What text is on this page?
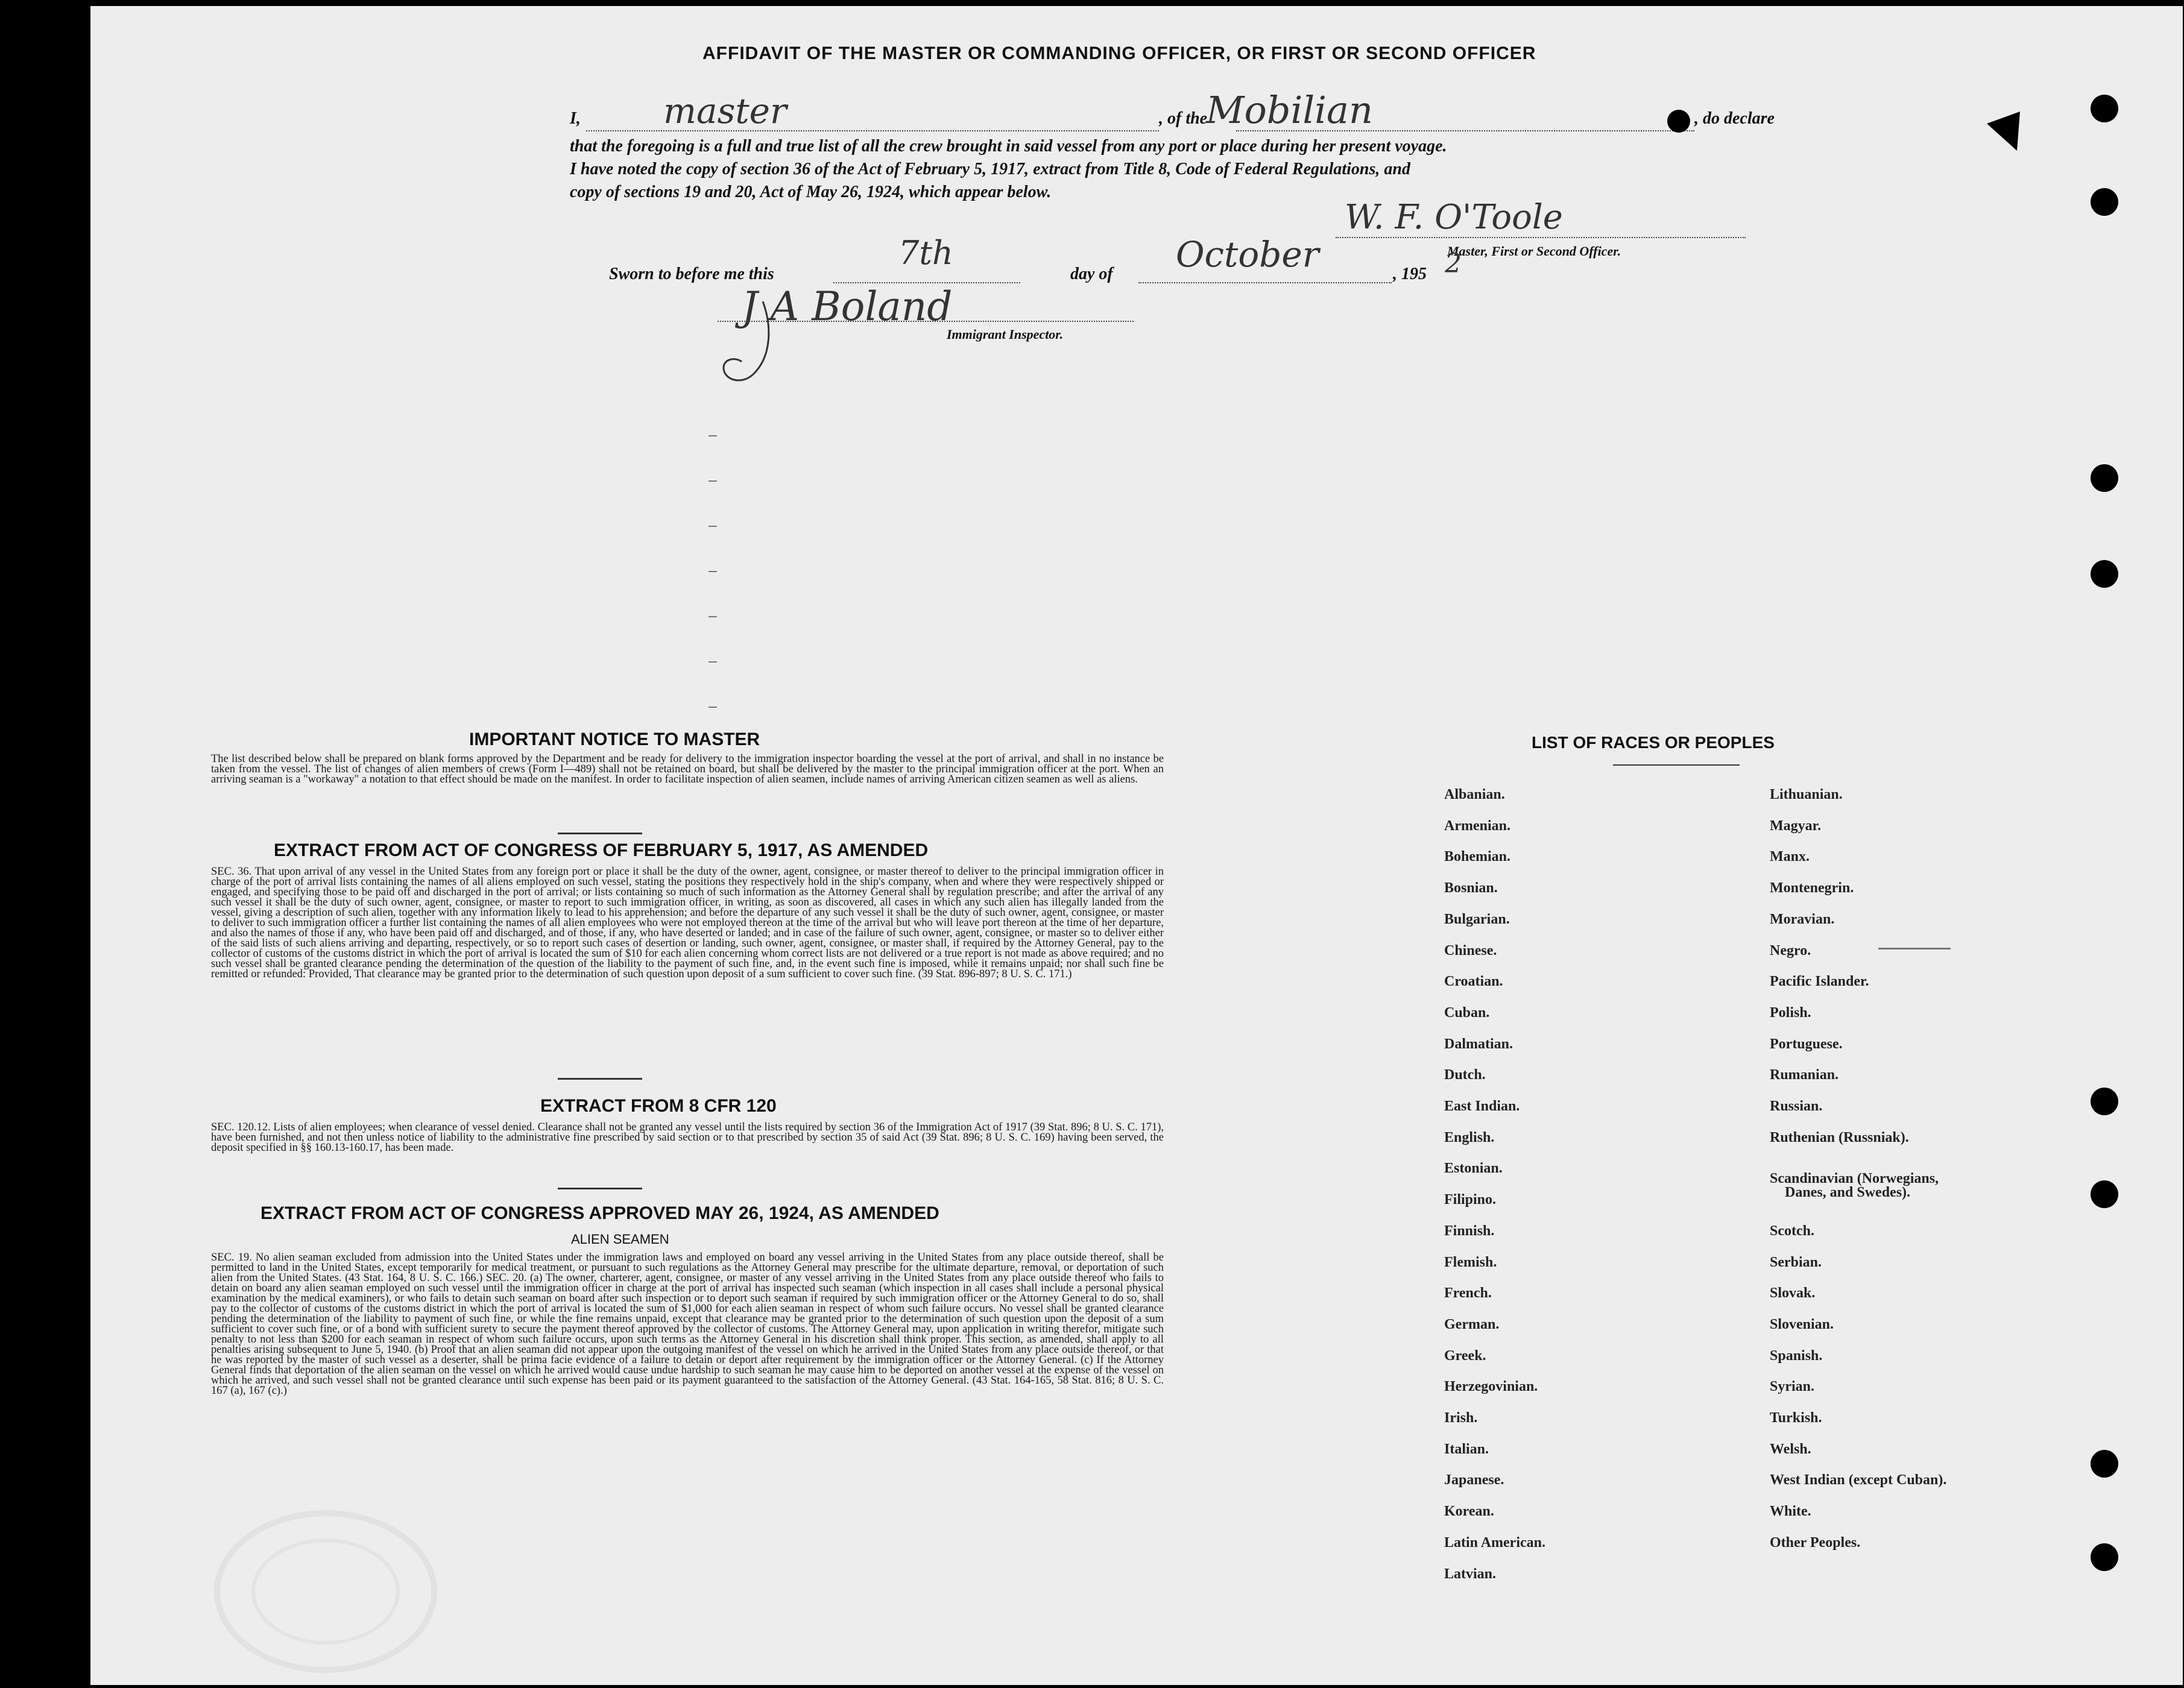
AFFIDAVIT OF THE MASTER OR COMMANDING OFFICER, OR FIRST OR SECOND OFFICER
I, master	, of the
Mobilian	, do declare
that the foregoing is a full and true list of all the crew brought in said vessel from any port or place during her present voyage.
I have noted the copy of section 36 of the Act of February 5, 1917, extract from Title 8, Code of Federal Regulations, and
copy of sections 19 and 20, Act of May 26, 1924, which appear below.
W. F. O'Toole
Master, First or Second Officer.
Sworn to before me this
7th
day of October	, 195 2
J A Boland
Immigrant Inspector.
IMPORTANT NOTICE TO MASTER
The list described below shall be prepared on blank forms approved by the Department and be ready for delivery to the immigration inspector boarding the vessel at the port of arrival, and shall in no instance be taken from the vessel. The list of changes of alien members of crews (Form I—489) shall not be retained on board, but shall be delivered by the master to the principal immigration officer at the port. When an arriving seaman is a "workaway" a notation to that effect should be made on the manifest. In order to facilitate inspection of alien seamen, include names of arriving American citizen seamen as well as aliens.
EXTRACT FROM ACT OF CONGRESS OF FEBRUARY 5, 1917, AS AMENDED
SEC. 36. That upon arrival of any vessel in the United States from any foreign port or place it shall be the duty of the owner, agent, consignee, or master thereof to deliver to the principal immigration officer in charge of the port of arrival lists containing the names of all aliens employed on such vessel, stating the positions they respectively hold in the ship's company, when and where they were respectively shipped or engaged, and specifying those to be paid off and discharged in the port of arrival; or lists containing so much of such information as the Attorney General shall by regulation prescribe; and after the arrival of any such vessel it shall be the duty of such owner, agent, consignee, or master to report to such immigration officer, in writing, as soon as discovered, all cases in which any such alien has illegally landed from the vessel, giving a description of such alien, together with any information likely to lead to his apprehension; and before the departure of any such vessel it shall be the duty of such owner, agent, consignee, or master to deliver to such immigration officer a further list containing the names of all alien employees who were not employed thereon at the time of the arrival but who will leave port thereon at the time of her departure, and also the names of those if any, who have been paid off and discharged, and of those, if any, who have deserted or landed; and in case of the failure of such owner, agent, consignee, or master so to deliver either of the said lists of such aliens arriving and departing, respectively, or so to report such cases of desertion or landing, such owner, agent, consignee, or master shall, if required by the Attorney General, pay to the collector of customs of the customs district in which the port of arrival is located the sum of $10 for each alien concerning whom correct lists are not delivered or a true report is not made as above required; and no such vessel shall be granted clearance pending the determination of the question of the liability to the payment of such fine, and, in the event such fine is imposed, while it remains unpaid; nor shall such fine be remitted or refunded: Provided, That clearance may be granted prior to the determination of such question upon deposit of a sum sufficient to cover such fine. (39 Stat. 896-897; 8 U. S. C. 171.)
EXTRACT FROM 8 CFR 120
SEC. 120.12. Lists of alien employees; when clearance of vessel denied. Clearance shall not be granted any vessel until the lists required by section 36 of the Immigration Act of 1917 (39 Stat. 896; 8 U. S. C. 171), have been furnished, and not then unless notice of liability to the administrative fine prescribed by said section or to that prescribed by section 35 of said Act (39 Stat. 896; 8 U. S. C. 169) having been served, the deposit specified in §§ 160.13-160.17, has been made.
EXTRACT FROM ACT OF CONGRESS APPROVED MAY 26, 1924, AS AMENDED
ALIEN SEAMEN
SEC. 19. No alien seaman excluded from admission into the United States under the immigration laws and employed on board any vessel arriving in the United States from any place outside thereof, shall be permitted to land in the United States, except temporarily for medical treatment, or pursuant to such regulations as the Attorney General may prescribe for the ultimate departure, removal, or deportation of such alien from the United States. (43 Stat. 164, 8 U. S. C. 166.) SEC. 20. (a) The owner, charterer, agent, consignee, or master of any vessel arriving in the United States from any place outside thereof who fails to detain on board any alien seaman employed on such vessel until the immigration officer in charge at the port of arrival has inspected such seaman (which inspection in all cases shall include a personal physical examination by the medical examiners), or who fails to detain such seaman on board after such inspection or to deport such seaman if required by such immigration officer or the Attorney General to do so, shall pay to the collector of customs of the customs district in which the port of arrival is located the sum of $1,000 for each alien seaman in respect of whom such failure occurs. No vessel shall be granted clearance pending the determination of the liability to payment of such fine, or while the fine remains unpaid, except that clearance may be granted prior to the determination of such question upon the deposit of a sum sufficient to cover such fine, or of a bond with sufficient surety to secure the payment thereof approved by the collector of customs. The Attorney General may, upon application in writing therefor, mitigate such penalty to not less than $200 for each seaman in respect of whom such failure occurs, upon such terms as the Attorney General in his discretion shall think proper. This section, as amended, shall apply to all penalties arising subsequent to June 5, 1940. (b) Proof that an alien seaman did not appear upon the outgoing manifest of the vessel on which he arrived in the United States from any place outside thereof, or that he was reported by the master of such vessel as a deserter, shall be prima facie evidence of a failure to detain or deport after requirement by the immigration officer or the Attorney General. (c) If the Attorney General finds that deportation of the alien seaman on the vessel on which he arrived would cause undue hardship to such seaman he may cause him to be deported on another vessel at the expense of the vessel on which he arrived, and such vessel shall not be granted clearance until such expense has been paid or its payment guaranteed to the satisfaction of the Attorney General. (43 Stat. 164-165, 58 Stat. 816; 8 U. S. C. 167 (a), 167 (c).)
LIST OF RACES OR PEOPLES
Danes, and Swedes).
Albanian.
Armenian.
Bohemian.
Bosnian.
Bulgarian.
Chinese.
Croatian.
Cuban.
Dalmatian.
Dutch.
East Indian.
English.
Estonian.
Filipino.
Finnish.
Flemish.
French.
German.
Greek.
Herzegovinian.
Irish.
Italian.
Japanese.
Korean.
Latin American.
Latvian.
Lithuanian.
Magyar.
Manx.
Montenegrin.
Moravian.
Negro.
Pacific Islander.
Polish.
Portuguese.
Rumanian.
Russian.
Ruthenian (Russniak).
Scandinavian (Norwegians,
Scotch.
Serbian.
Slovak.
Slovenian.
Spanish.
Syrian.
Turkish.
Welsh.
West Indian (except Cuban).
White.
Other Peoples.
